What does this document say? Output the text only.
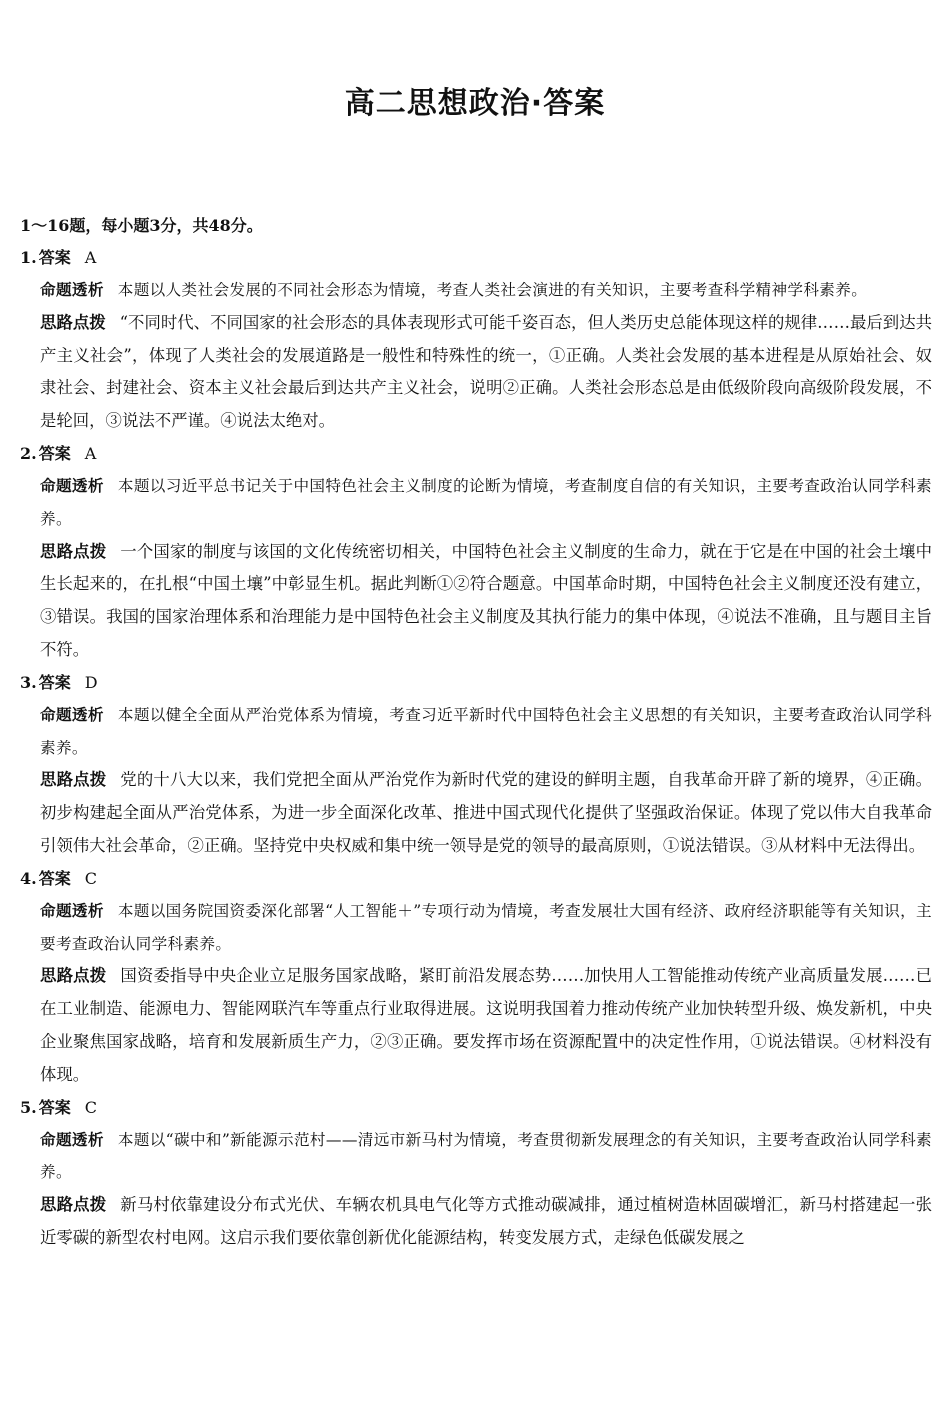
高二思想政治·答案
1～16题，每小题3分，共48分。
1. 答案 A

命题透析 本题以人类社会发展的不同社会形态为情境，考查人类社会演进的有关知识，主要考查科学精神学科素养。

思路点拨 “不同时代、不同国家的社会形态的具体表现形式可能千姿百态，但人类历史总能体现这样的规律……最后到达共产主义社会”，体现了人类社会的发展道路是一般性和特殊性的统一，①正确。人类社会发展的基本进程是从原始社会、奴隶社会、封建社会、资本主义社会最后到达共产主义社会，说明②正确。人类社会形态总是由低级阶段向高级阶段发展，不是轮回，③说法不严谨。④说法太绝对。

2. 答案 A

命题透析 本题以习近平总书记关于中国特色社会主义制度的论断为情境，考查制度自信的有关知识，主要考查政治认同学科素养。

思路点拨 一个国家的制度与该国的文化传统密切相关，中国特色社会主义制度的生命力，就在于它是在中国的社会土壤中生长起来的，在扎根“中国土壤”中彰显生机。据此判断①②符合题意。中国革命时期，中国特色社会主义制度还没有建立，③错误。我国的国家治理体系和治理能力是中国特色社会主义制度及其执行能力的集中体现，④说法不准确，且与题目主旨不符。

3. 答案 D

命题透析 本题以健全全面从严治党体系为情境，考查习近平新时代中国特色社会主义思想的有关知识，主要考查政治认同学科素养。

思路点拨 党的十八大以来，我们党把全面从严治党作为新时代党的建设的鲜明主题，自我革命开辟了新的境界，④正确。初步构建起全面从严治党体系，为进一步全面深化改革、推进中国式现代化提供了坚强政治保证。体现了党以伟大自我革命引领伟大社会革命，②正确。坚持党中央权威和集中统一领导是党的领导的最高原则，①说法错误。③从材料中无法得出。

4. 答案 C

命题透析 本题以国务院国资委深化部署“人工智能＋”专项行动为情境，考查发展壮大国有经济、政府经济职能等有关知识，主要考查政治认同学科素养。

思路点拨 国资委指导中央企业立足服务国家战略，紧盯前沿发展态势……加快用人工智能推动传统产业高质量发展……已在工业制造、能源电力、智能网联汽车等重点行业取得进展。这说明我国着力推动传统产业加快转型升级、焕发新机，中央企业聚焦国家战略，培育和发展新质生产力，②③正确。要发挥市场在资源配置中的决定性作用，①说法错误。④材料没有体现。

5. 答案 C

命题透析 本题以“碳中和”新能源示范村——清远市新马村为情境，考查贯彻新发展理念的有关知识，主要考查政治认同学科素养。

思路点拨 新马村依靠建设分布式光伏、车辆农机具电气化等方式推动碳减排，通过植树造林固碳增汇，新马村搭建起一张近零碳的新型农村电网。这启示我们要依靠创新优化能源结构，转变发展方式，走绿色低碳发展之
